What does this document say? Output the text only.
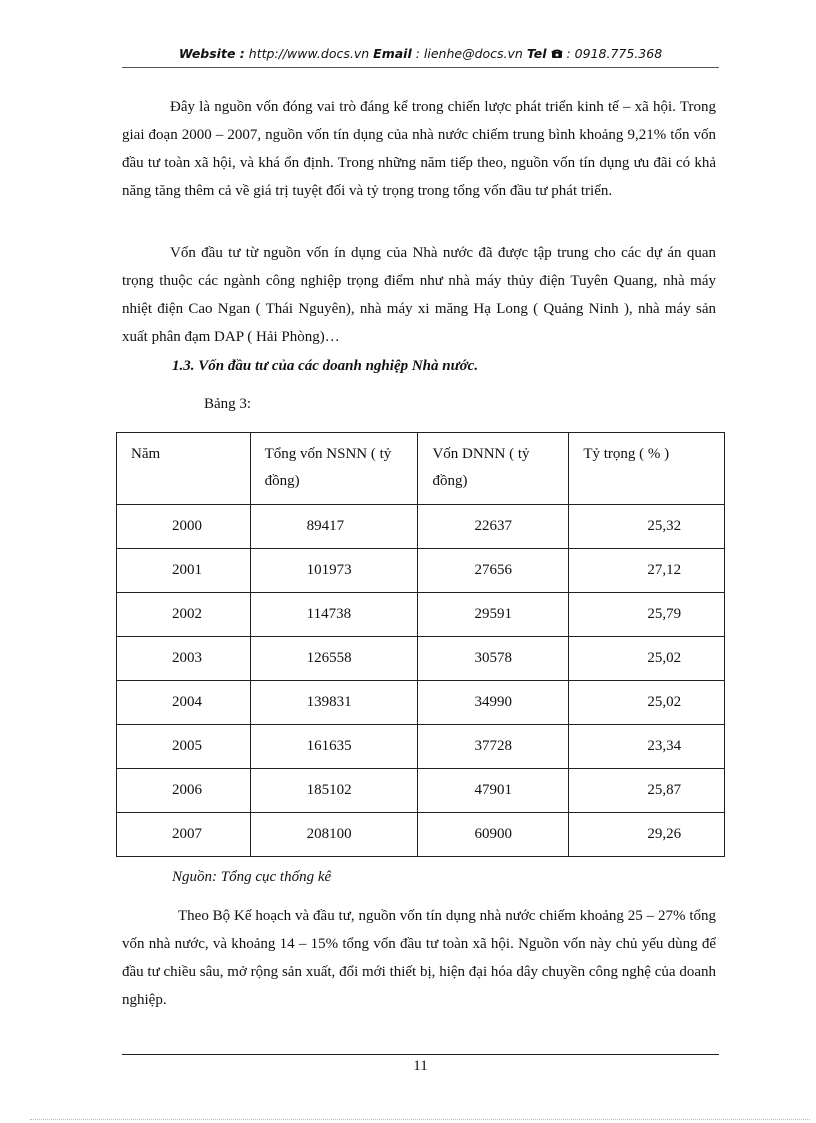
Website : http://www.docs.vn Email : lienhe@docs.vn Tel : 0918.775.368

Đây là nguồn vốn đóng vai trò đáng kể trong chiến lược phát triển kinh tế – xã hội. Trong giai đoạn 2000 – 2007, nguồn vốn tín dụng của nhà nước chiếm trung bình khoảng 9,21% tổn vốn đầu tư toàn xã hội, và khá ổn định. Trong những năm tiếp theo, nguồn vốn tín dụng ưu đãi có khả năng tăng thêm cả về giá trị tuyệt đối và tỷ trọng trong tổng vốn đầu tư phát triển.

Vốn đầu tư từ nguồn vốn ín dụng của Nhà nước đã được tập trung cho các dự án quan trọng thuộc các ngành công nghiệp trọng điểm như nhà máy thủy điện Tuyên Quang, nhà máy nhiệt điện Cao Ngan ( Thái Nguyên), nhà máy xi măng Hạ Long ( Quảng Ninh ), nhà máy sản xuất phân đạm DAP ( Hải Phòng)…

1.3. Vốn đầu tư của các doanh nghiệp Nhà nước.

Bảng 3:

Năm	Tổng vốn NSNN ( tỷ đồng)	Vốn DNNN ( tỷ đồng)	Tỷ trọng ( % )
2000	89417	22637	25,32
2001	101973	27656	27,12
2002	114738	29591	25,79
2003	126558	30578	25,02
2004	139831	34990	25,02
2005	161635	37728	23,34
2006	185102	47901	25,87
2007	208100	60900	29,26

Nguồn: Tổng cục thống kê

Theo Bộ Kế hoạch và đầu tư, nguồn vốn tín dụng nhà nước chiếm khoảng 25 – 27% tổng vốn nhà nước, và khoảng 14 – 15% tổng vốn đầu tư toàn xã hội. Nguồn vốn này chủ yếu dùng để đầu tư chiều sâu, mở rộng sản xuất, đổi mới thiết bị, hiện đại hóa dây chuyền công nghệ của doanh nghiệp.

11
